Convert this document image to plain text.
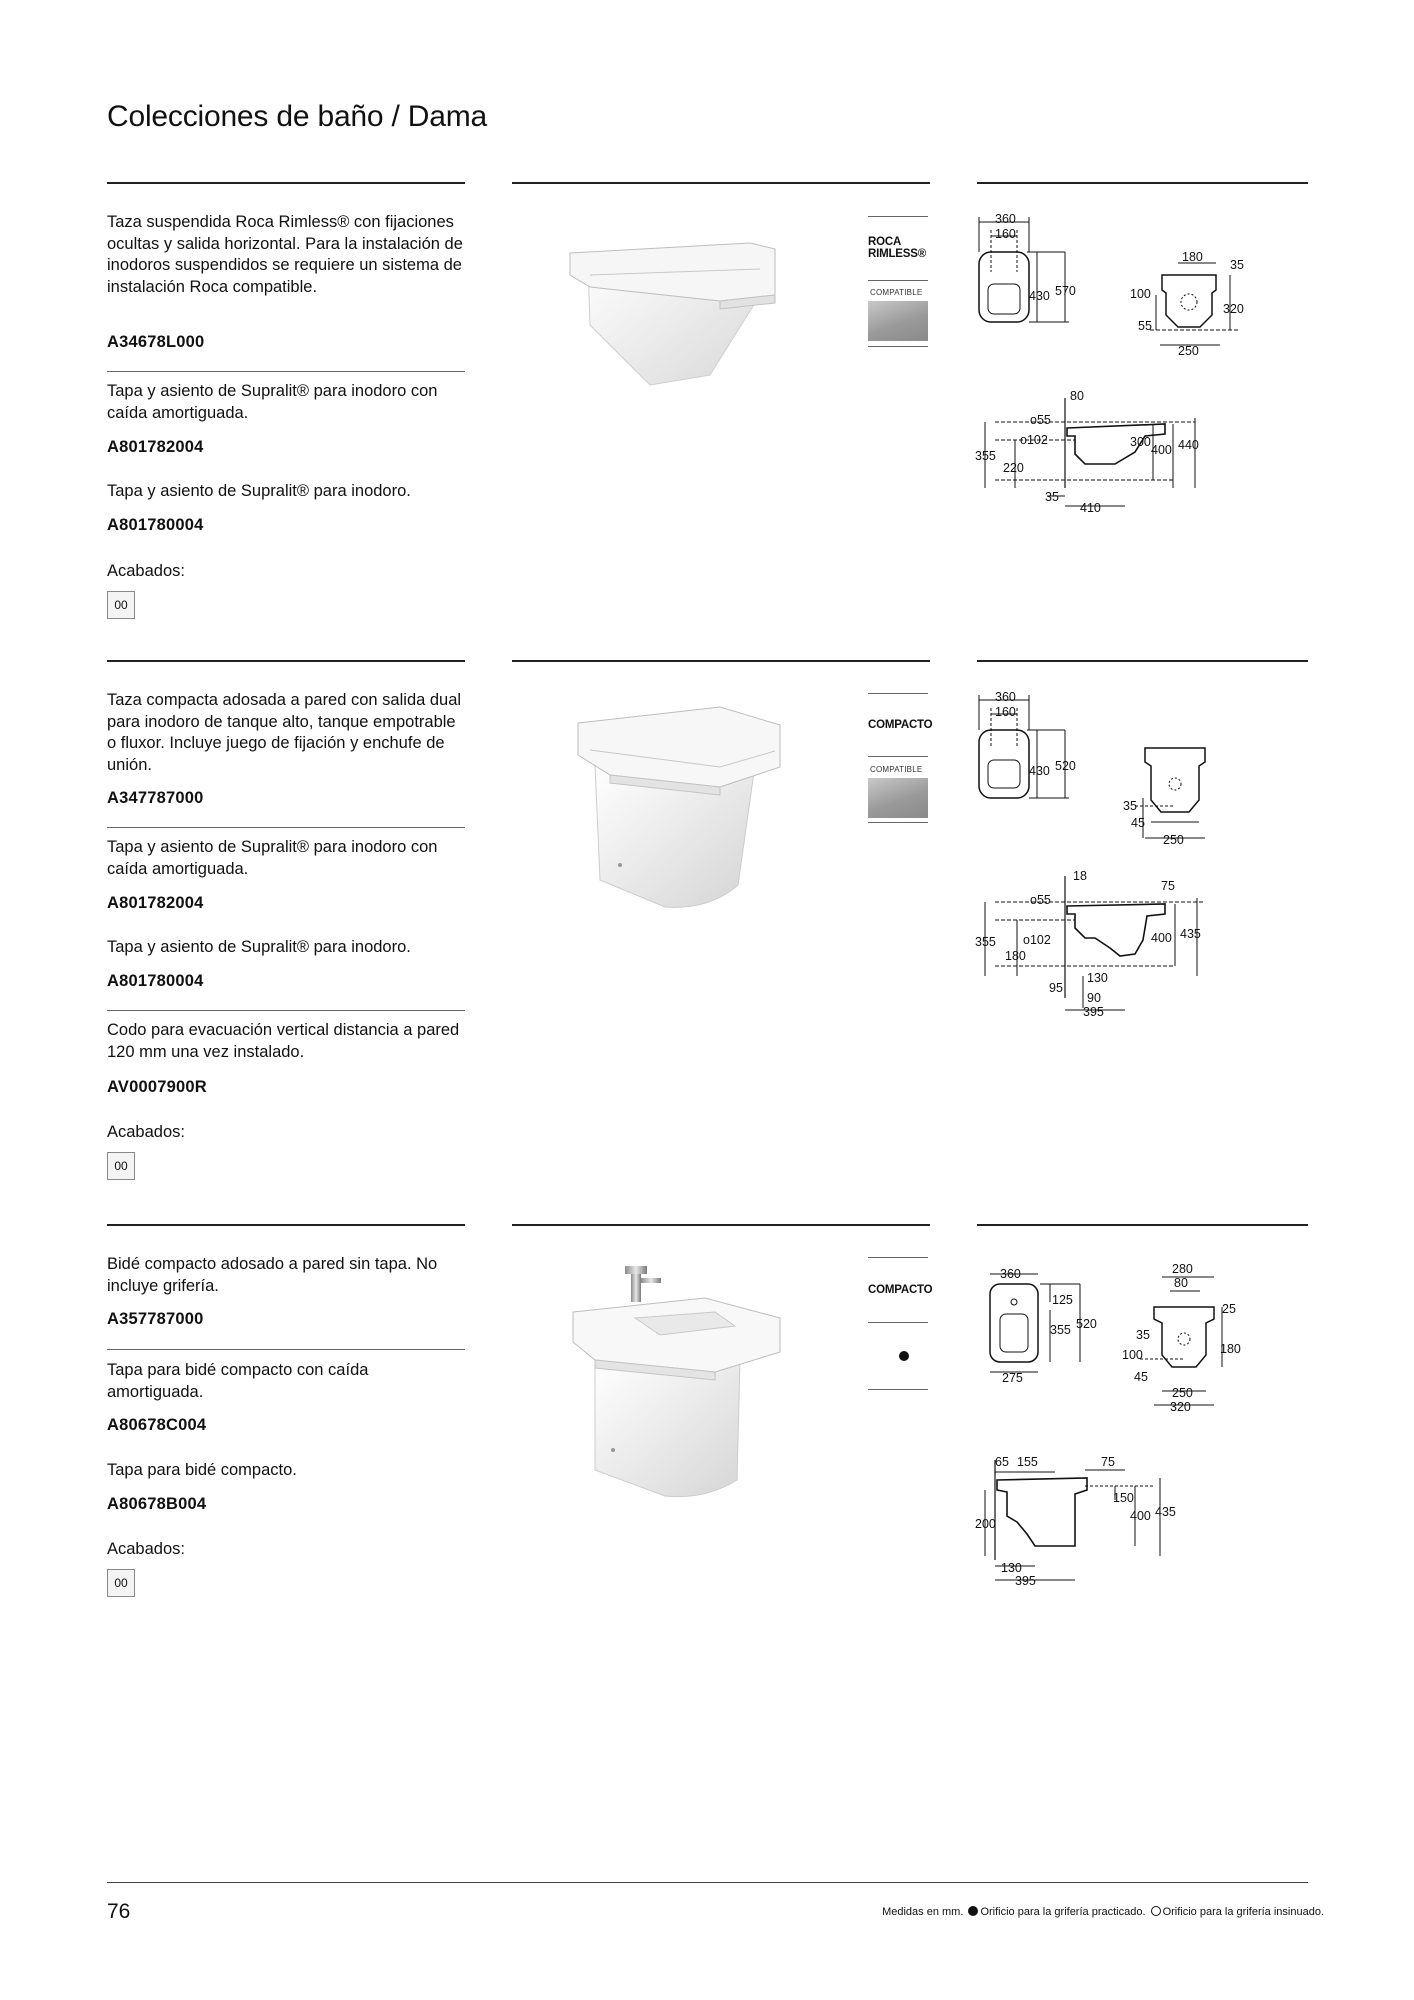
Colecciones de baño / Dama
Taza suspendida Roca Rimless® con fijaciones ocultas y salida horizontal. Para la instalación de inodoros suspendidos se requiere un sistema de instalación Roca compatible.
A34678L000
Tapa y asiento de Supralit® para inodoro con caída amortiguada.
A801782004
Tapa y asiento de Supralit® para inodoro.
A801780004
Acabados:
00
ROCA
RIMLESS®
COMPATIBLE
360
160
430 570
180
35
100
320
55
250
80
o55
355
o102
220
300
400 440
35
410
Taza compacta adosada a pared con salida dual para inodoro de tanque alto, tanque empotrable o fluxor. Incluye juego de fijación y enchufe de unión.
A347787000
Tapa y asiento de Supralit® para inodoro con caída amortiguada.
A801782004
Tapa y asiento de Supralit® para inodoro.
A801780004
Codo para evacuación vertical distancia a pared 120 mm una vez instalado.
AV0007900R
Acabados:
00
COMPACTO
COMPATIBLE
360
160
430 520
35
45
250
18
75
o55
355 o102
180
400 435
130
95
90
395
Bidé compacto adosado a pared sin tapa. No incluye grifería.
A357787000
Tapa para bidé compacto con caída amortiguada.
A80678C004
Tapa para bidé compacto.
A80678B004
Acabados:
00
COMPACTO
360
125
355 520
275
280
80
25
35
100	180
45
250
320
65 155	75
150
400 435
200
130
395
76	Medidas en mm. Orificio para la grifería practicado. Orificio para la grifería insinuado.
